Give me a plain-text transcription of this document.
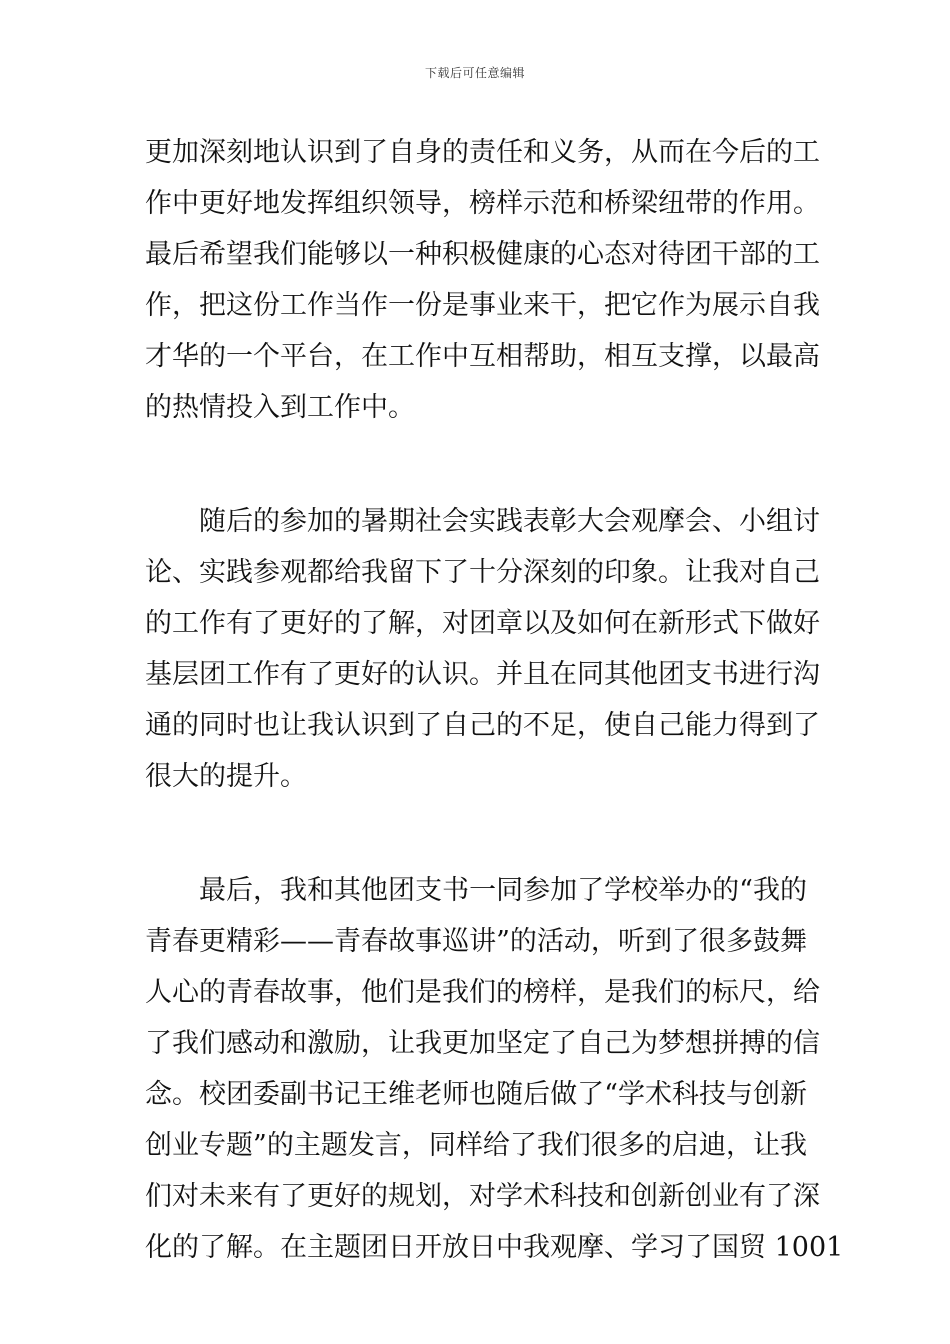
下载后可任意编辑
更加深刻地认识到了自身的责任和义务，从而在今后的工
作中更好地发挥组织领导，榜样示范和桥梁纽带的作用。
最后希望我们能够以一种积极健康的心态对待团干部的工
作，把这份工作当作一份是事业来干，把它作为展示自我
才华的一个平台，在工作中互相帮助，相互支撑，以最高
的热情投入到工作中。
随后的参加的暑期社会实践表彰大会观摩会、小组讨
论、实践参观都给我留下了十分深刻的印象。让我对自己
的工作有了更好的了解，对团章以及如何在新形式下做好
基层团工作有了更好的认识。并且在同其他团支书进行沟
通的同时也让我认识到了自己的不足，使自己能力得到了
很大的提升。
最后，我和其他团支书一同参加了学校举办的“我的
青春更精彩——青春故事巡讲”的活动，听到了很多鼓舞
人心的青春故事，他们是我们的榜样，是我们的标尺，给
了我们感动和激励，让我更加坚定了自己为梦想拼搏的信
念。校团委副书记王维老师也随后做了“学术科技与创新
创业专题”的主题发言，同样给了我们很多的启迪，让我
们对未来有了更好的规划，对学术科技和创新创业有了深
化的了解。在主题团日开放日中我观摩、学习了国贸 1001
